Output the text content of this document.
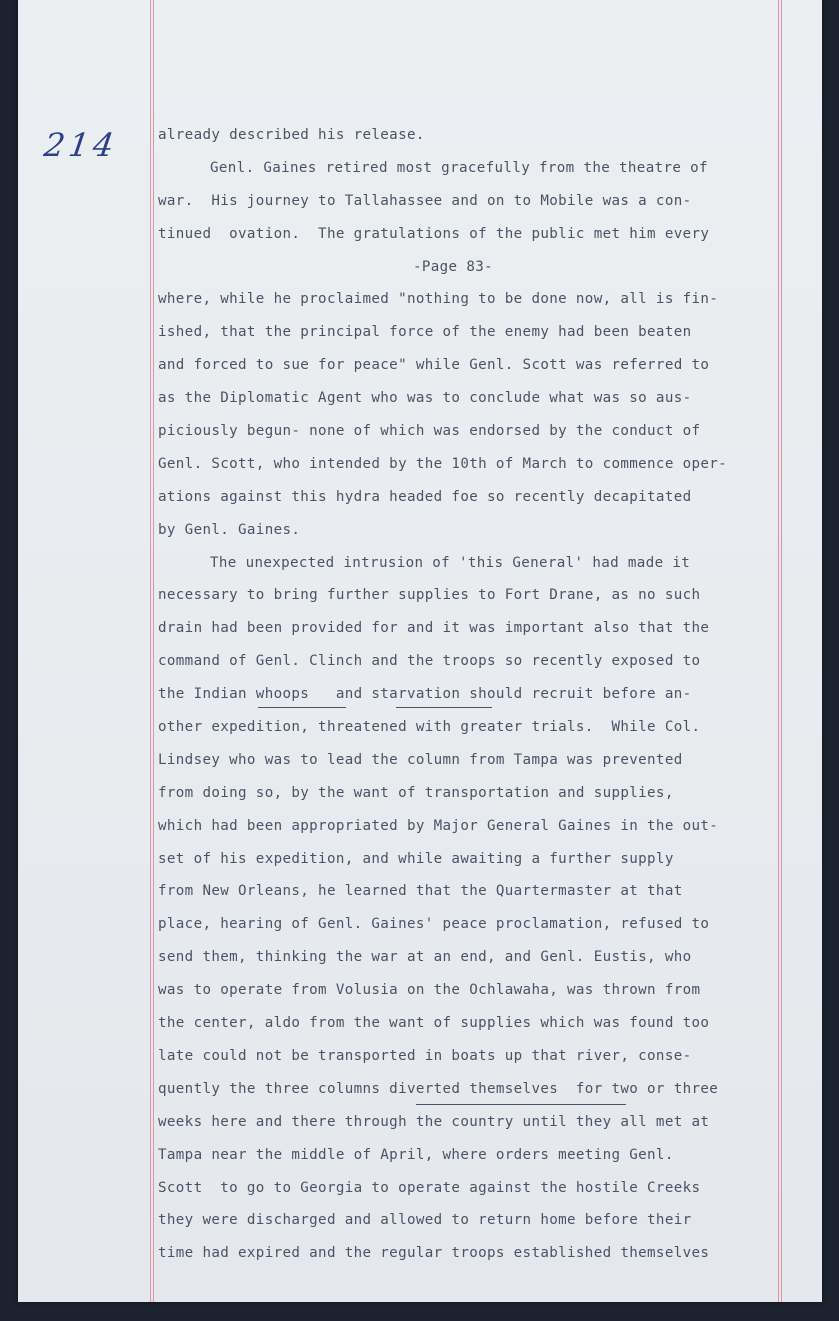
214	already described his release.
Genl. Gaines retired most gracefully from the theatre of
war.  His journey to Tallahassee and on to Mobile was a con-
tinued  ovation.  The gratulations of the public met him every
-Page 83-
where, while he proclaimed "nothing to be done now, all is fin-
ished, that the principal force of the enemy had been beaten
and forced to sue for peace" while Genl. Scott was referred to
as the Diplomatic Agent who was to conclude what was so aus-
piciously begun- none of which was endorsed by the conduct of
Genl. Scott, who intended by the 10th of March to commence oper-
ations against this hydra headed foe so recently decapitated
by Genl. Gaines.
The unexpected intrusion of 'this General' had made it
necessary to bring further supplies to Fort Drane, as no such
drain had been provided for and it was important also that the
command of Genl. Clinch and the troops so recently exposed to
the Indian whoops   and starvation should recruit before an-
other expedition, threatened with greater trials.  While Col.
Lindsey who was to lead the column from Tampa was prevented
from doing so, by the want of transportation and supplies,
which had been appropriated by Major General Gaines in the out-
set of his expedition, and while awaiting a further supply
from New Orleans, he learned that the Quartermaster at that
place, hearing of Genl. Gaines' peace proclamation, refused to
send them, thinking the war at an end, and Genl. Eustis, who
was to operate from Volusia on the Ochlawaha, was thrown from
the center, aldo from the want of supplies which was found too
late could not be transported in boats up that river, conse-
quently the three columns diverted themselves  for two or three
weeks here and there through the country until they all met at
Tampa near the middle of April, where orders meeting Genl.
Scott  to go to Georgia to operate against the hostile Creeks
they were discharged and allowed to return home before their
time had expired and the regular troops established themselves
